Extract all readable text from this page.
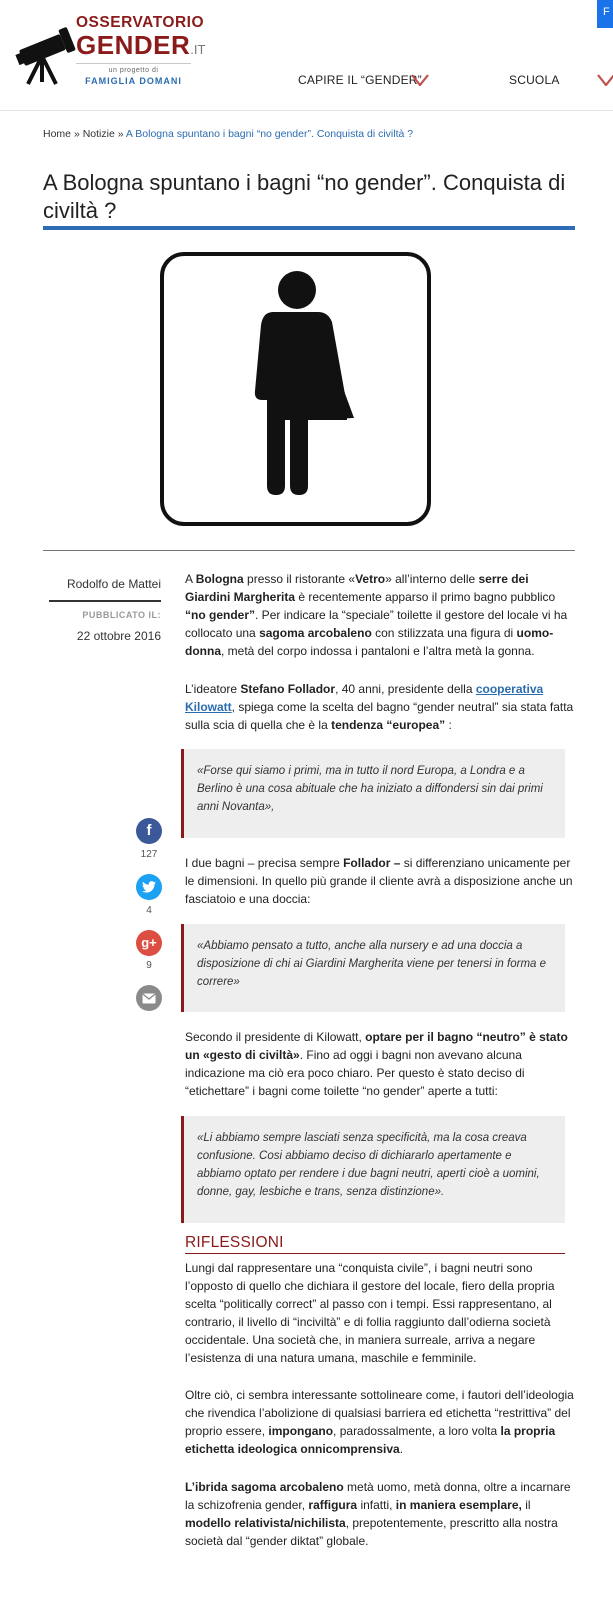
OSSERVATORIO
GENDER.IT
un progetto di
FAMIGLIA DOMANI	CAPIRE IL “GENDER”	SCUOLA
F
Home » Notizie » A Bologna spuntano i bagni “no gender”. Conquista di civiltà ?
A Bologna spuntano i bagni “no gender”. Conquista di civiltà ?
Rodolfo de Mattei
PUBBLICATO IL:
22 ottobre 2016
f
127
4
g+
9
A Bologna presso il ristorante «Vetro» all’interno delle serre dei Giardini Margherita è recentemente apparso il primo bagno pubblico “no gender”. Per indicare la “speciale” toilette il gestore del locale vi ha collocato una sagoma arcobaleno con stilizzata una figura di uomo-donna, metà del corpo indossa i pantaloni e l’altra metà la gonna.
L’ideatore Stefano Follador, 40 anni, presidente della cooperativa Kilowatt, spiega come la scelta del bagno “gender neutral” sia stata fatta sulla scia di quella che è la tendenza “europea” :
«Forse qui siamo i primi, ma in tutto il nord Europa, a Londra e a Berlino è una cosa abituale che ha iniziato a diffondersi sin dai primi anni Novanta»,
I due bagni – precisa sempre Follador – si differenziano unicamente per le dimensioni. In quello più grande il cliente avrà a disposizione anche un fasciatoio e una doccia:
«Abbiamo pensato a tutto, anche alla nursery e ad una doccia a disposizione di chi ai Giardini Margherita viene per tenersi in forma e correre»
Secondo il presidente di Kilowatt, optare per il bagno “neutro” è stato un «gesto di civiltà». Fino ad oggi i bagni non avevano alcuna indicazione ma ciò era poco chiaro. Per questo è stato deciso di “etichettare” i bagni come toilette “no gender” aperte a tutti:
«Li abbiamo sempre lasciati senza specificità, ma la cosa creava confusione. Cosi abbiamo deciso di dichiararlo apertamente e abbiamo optato per rendere i due bagni neutri, aperti cioè a uomini, donne, gay, lesbiche e trans, senza distinzione».
RIFLESSIONI
Lungi dal rappresentare una “conquista civile”, i bagni neutri sono l’opposto di quello che dichiara il gestore del locale, fiero della propria scelta “politically correct” al passo con i tempi. Essi rappresentano, al contrario, il livello di “inciviltà” e di follia raggiunto dall’odierna società occidentale. Una società che, in maniera surreale, arriva a negare l’esistenza di una natura umana, maschile e femminile.
Oltre ciò, ci sembra interessante sottolineare come, i fautori dell’ideologia che rivendica l’abolizione di qualsiasi barriera ed etichetta “restrittiva” del proprio essere, impongano, paradossalmente, a loro volta la propria etichetta ideologica onnicomprensiva.
L’ibrida sagoma arcobaleno metà uomo, metà donna, oltre a incarnare la schizofrenia gender, raffigura infatti, in maniera esemplare, il modello relativista/nichilista, prepotentemente, prescritto alla nostra società dal “gender diktat” globale.
